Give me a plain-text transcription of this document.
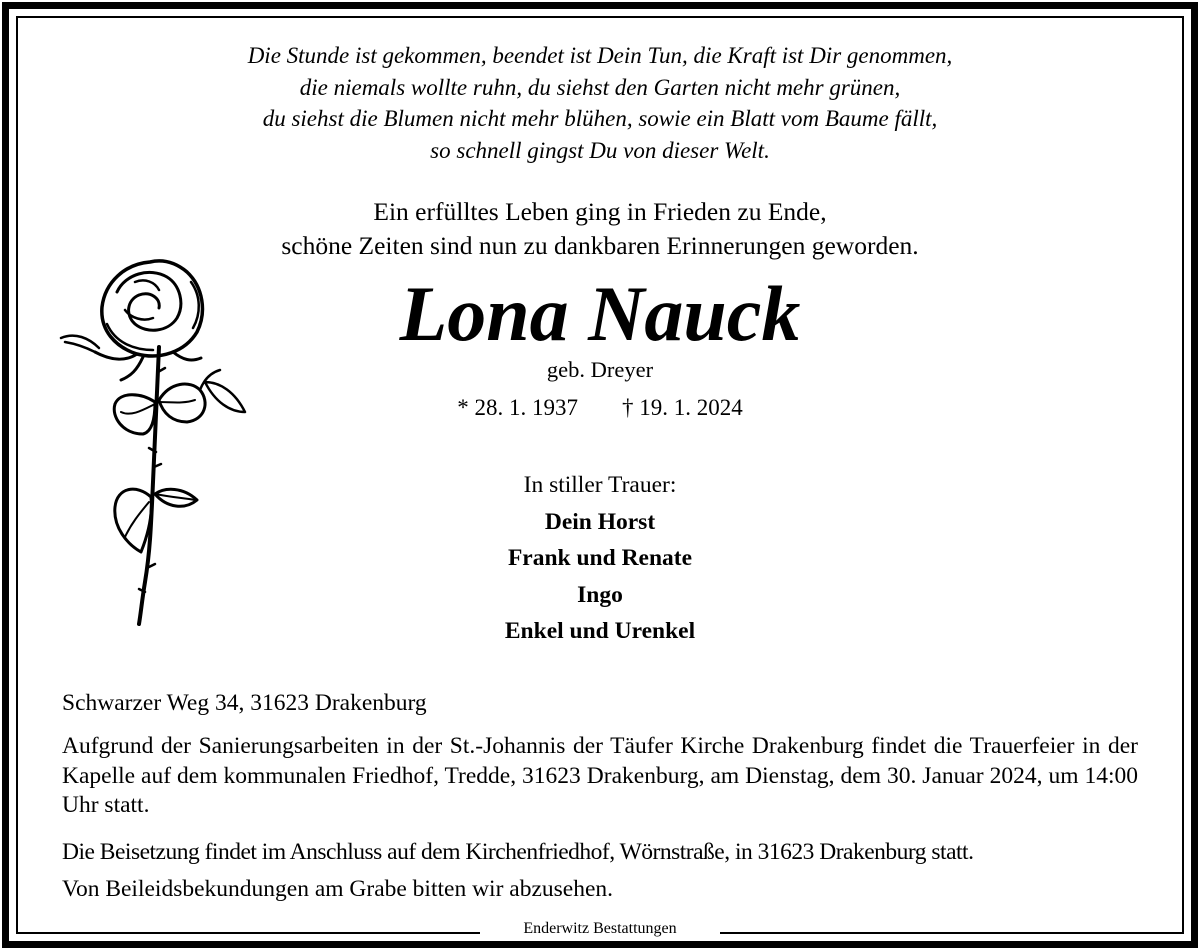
Die Stunde ist gekommen, beendet ist Dein Tun, die Kraft ist Dir genommen,
die niemals wollte ruhn, du siehst den Garten nicht mehr grünen,
du siehst die Blumen nicht mehr blühen, sowie ein Blatt vom Baume fällt,
so schnell gingst Du von dieser Welt.
Ein erfülltes Leben ging in Frieden zu Ende,
schöne Zeiten sind nun zu dankbaren Erinnerungen geworden.
Lona Nauck
geb. Dreyer
* 28. 1. 1937 † 19. 1. 2024
In stiller Trauer:
Dein Horst
Frank und Renate
Ingo
Enkel und Urenkel
Schwarzer Weg 34, 31623 Drakenburg
Aufgrund der Sanierungsarbeiten in der St.-Johannis der Täufer Kirche Drakenburg findet die Trauerfeier in der Kapelle auf dem kommunalen Friedhof, Tredde, 31623 Drakenburg, am Dienstag, dem 30. Januar 2024, um 14:00 Uhr statt.
Die Beisetzung findet im Anschluss auf dem Kirchenfriedhof, Wörnstraße, in 31623 Drakenburg statt.
Von Beileidsbekundungen am Grabe bitten wir abzusehen.
Enderwitz Bestattungen
